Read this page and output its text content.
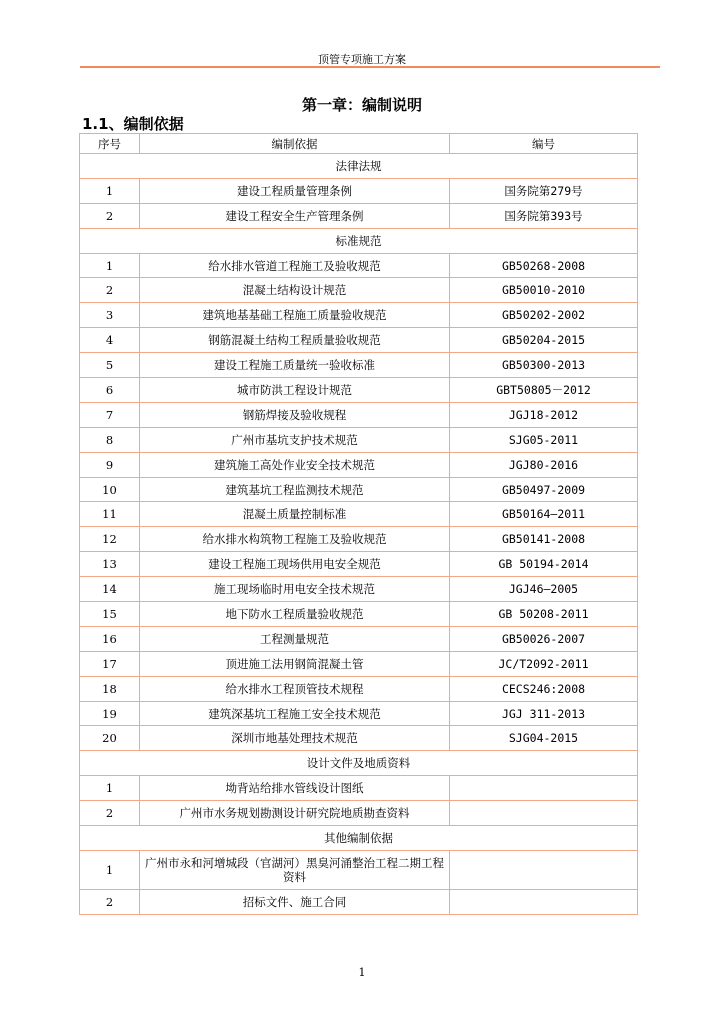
顶管专项施工方案
第一章：编制说明
1.1、编制依据
序号	编制依据	编号
法律法规		
1	建设工程质量管理条例	国务院第279号
2	建设工程安全生产管理条例	国务院第393号
标准规范		
1	给水排水管道工程施工及验收规范	GB50268-2008
2	混凝土结构设计规范	GB50010-2010
3	建筑地基基础工程施工质量验收规范	GB50202-2002
4	钢筋混凝土结构工程质量验收规范	GB50204-2015
5	建设工程施工质量统一验收标准	GB50300-2013
6	城市防洪工程设计规范	GBT50805－2012
7	钢筋焊接及验收规程	JGJ18-2012
8	广州市基坑支护技术规范	SJG05-2011
9	建筑施工高处作业安全技术规范	JGJ80-2016
10	建筑基坑工程监测技术规范	GB50497-2009
11	混凝土质量控制标准	GB50164—2011
12	给水排水构筑物工程施工及验收规范	GB50141-2008
13	建设工程施工现场供用电安全规范	GB 50194-2014
14	施工现场临时用电安全技术规范	JGJ46—2005
15	地下防水工程质量验收规范	GB 50208-2011
16	工程测量规范	GB50026-2007
17	顶进施工法用钢筒混凝土管	JC/T2092-2011
18	给水排水工程顶管技术规程	CECS246:2008
19	建筑深基坑工程施工安全技术规范	JGJ 311-2013
20	深圳市地基处理技术规范	SJG04-2015
设计文件及地质资料		
1	坳背站给排水管线设计图纸	
2	广州市水务规划勘测设计研究院地质勘查资料	
其他编制依据		
1	广州市永和河增城段（官湖河）黑臭河涌整治工程二期工程资料	
2	招标文件、施工合同	
1
